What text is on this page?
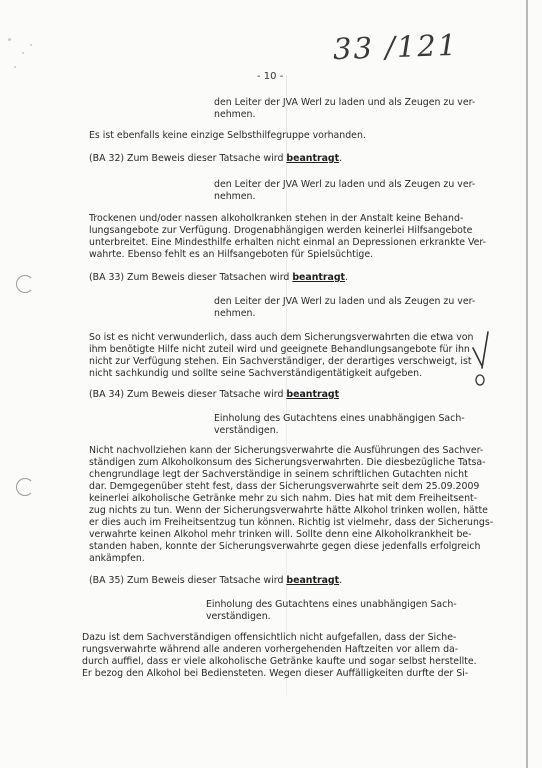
33 /121
- 10 -
den Leiter der JVA Werl zu laden und als Zeugen zu ver-
nehmen.
Es ist ebenfalls keine einzige Selbsthilfegruppe vorhanden.
(BA 32) Zum Beweis dieser Tatsache wird beantragt.
den Leiter der JVA Werl zu laden und als Zeugen zu ver-
nehmen.
Trockenen und/oder nassen alkoholkranken stehen in der Anstalt keine Behand-
lungsangebote zur Verfügung. Drogenabhängigen werden keinerlei Hilfsangebote
unterbreitet. Eine Mindesthilfe erhalten nicht einmal an Depressionen erkrankte Ver-
wahrte. Ebenso fehlt es an Hilfsangeboten für Spielsüchtige.
(BA 33) Zum Beweis dieser Tatsachen wird beantragt.
den Leiter der JVA Werl zu laden und als Zeugen zu ver-
nehmen.
So ist es nicht verwunderlich, dass auch dem Sicherungsverwahrten die etwa von
ihm benötigte Hilfe nicht zuteil wird und geeignete Behandlungsangebote für ihn
nicht zur Verfügung stehen. Ein Sachverständiger, der derartiges verschweigt, ist
nicht sachkundig und sollte seine Sachverständigentätigkeit aufgeben.
(BA 34) Zum Beweis dieser Tatsache wird beantragt
Einholung des Gutachtens eines unabhängigen Sach-
verständigen.
Nicht nachvollziehen kann der Sicherungsverwahrte die Ausführungen des Sachver-
ständigen zum Alkoholkonsum des Sicherungsverwahrten. Die diesbezügliche Tatsa-
chengrundlage legt der Sachverständige in seinem schriftlichen Gutachten nicht
dar. Demgegenüber steht fest, dass der Sicherungsverwahrte seit dem 25.09.2009
keinerlei alkoholische Getränke mehr zu sich nahm. Dies hat mit dem Freiheitsent-
zug nichts zu tun. Wenn der Sicherungsverwahrte hätte Alkohol trinken wollen, hätte
er dies auch im Freiheitsentzug tun können. Richtig ist vielmehr, dass der Sicherungs-
verwahrte keinen Alkohol mehr trinken will. Sollte denn eine Alkoholkrankheit be-
standen haben, konnte der Sicherungsverwahrte gegen diese jedenfalls erfolgreich
ankämpfen.
(BA 35) Zum Beweis dieser Tatsache wird beantragt.
Einholung des Gutachtens eines unabhängigen Sach-
verständigen.
Dazu ist dem Sachverständigen offensichtlich nicht aufgefallen, dass der Siche-
rungsverwahrte während alle anderen vorhergehenden Haftzeiten vor allem da-
durch auffiel, dass er viele alkoholische Getränke kaufte und sogar selbst herstellte.
Er bezog den Alkohol bei Bediensteten. Wegen dieser Auffälligkeiten durfte der Si-
